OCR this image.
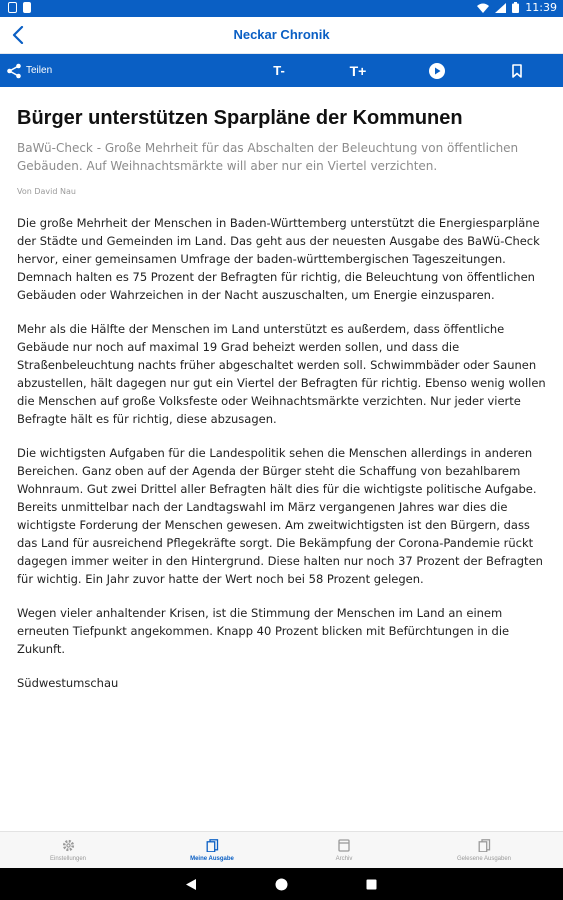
11:39
Neckar Chronik
Teilen	T-	T+
Bürger unterstützen Sparpläne der Kommunen

BaWü-Check - Große Mehrheit für das Abschalten der Beleuchtung von öffentlichen Gebäuden. Auf Weihnachtsmärkte will aber nur ein Viertel verzichten.

Von David Nau

Die große Mehrheit der Menschen in Baden-Württemberg unterstützt die Energiesparpläne der Städte und Gemeinden im Land. Das geht aus der neuesten Ausgabe des BaWü-Check hervor, einer gemeinsamen Umfrage der baden-württembergischen Tageszeitungen. Demnach halten es 75 Prozent der Befragten für richtig, die Beleuchtung von öffentlichen Gebäuden oder Wahrzeichen in der Nacht auszuschalten, um Energie einzusparen.

Mehr als die Hälfte der Menschen im Land unterstützt es außerdem, dass öffentliche Gebäude nur noch auf maximal 19 Grad beheizt werden sollen, und dass die Straßenbeleuchtung nachts früher abgeschaltet werden soll. Schwimmbäder oder Saunen abzustellen, hält dagegen nur gut ein Viertel der Befragten für richtig. Ebenso wenig wollen die Menschen auf große Volksfeste oder Weihnachtsmärkte verzichten. Nur jeder vierte Befragte hält es für richtig, diese abzusagen.

Die wichtigsten Aufgaben für die Landespolitik sehen die Menschen allerdings in anderen Bereichen. Ganz oben auf der Agenda der Bürger steht die Schaffung von bezahlbarem Wohnraum. Gut zwei Drittel aller Befragten hält dies für die wichtigste politische Aufgabe. Bereits unmittelbar nach der Landtagswahl im März vergangenen Jahres war dies die wichtigste Forderung der Menschen gewesen. Am zweitwichtigsten ist den Bürgern, dass das Land für ausreichend Pflegekräfte sorgt. Die Bekämpfung der Corona-Pandemie rückt dagegen immer weiter in den Hintergrund. Diese halten nur noch 37 Prozent der Befragten für wichtig. Ein Jahr zuvor hatte der Wert noch bei 58 Prozent gelegen.

Wegen vieler anhaltender Krisen, ist die Stimmung der Menschen im Land an einem erneuten Tiefpunkt angekommen. Knapp 40 Prozent blicken mit Befürchtungen in die Zukunft.

Südwestumschau

Einstellungen	Meine Ausgabe	Archiv	Gelesene Ausgaben
